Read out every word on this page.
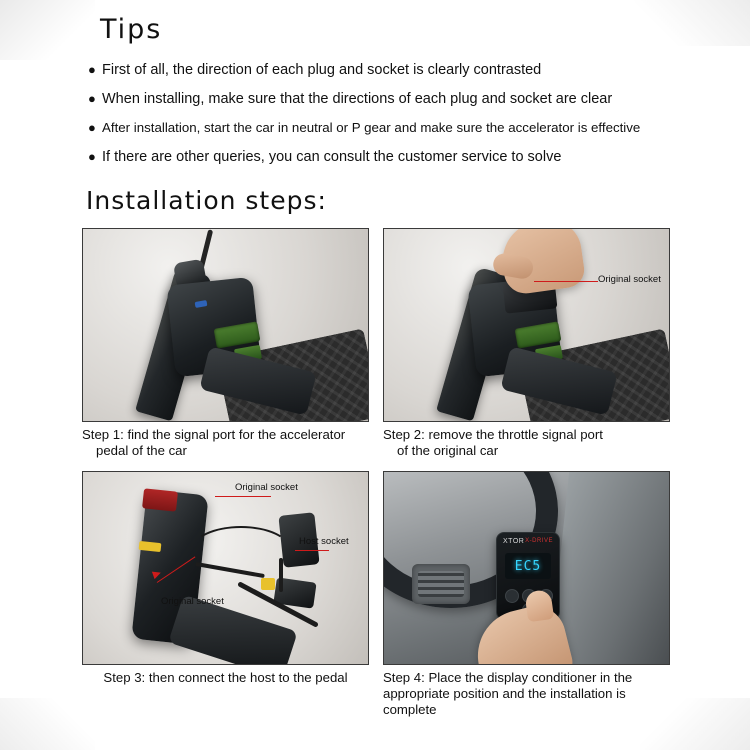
Tips
● First of all, the direction of each plug and socket is clearly contrasted
● When installing, make sure that the directions of each plug and socket are clear
● After installation, start the car in neutral or P gear and make sure the accelerator is effective
● If there are other queries, you can consult the customer service to solve
Installation steps:
Step 1: find the signal port for the accelerator
pedal of the car
Original socket
Step 2: remove the throttle signal port
of the original car
Original socket
Host socket
Original socket
Step 3: then connect the host to the pedal
XTOR X-DRIVE
EC5
Step 4: Place the display conditioner in the appropriate position and the installation is complete
